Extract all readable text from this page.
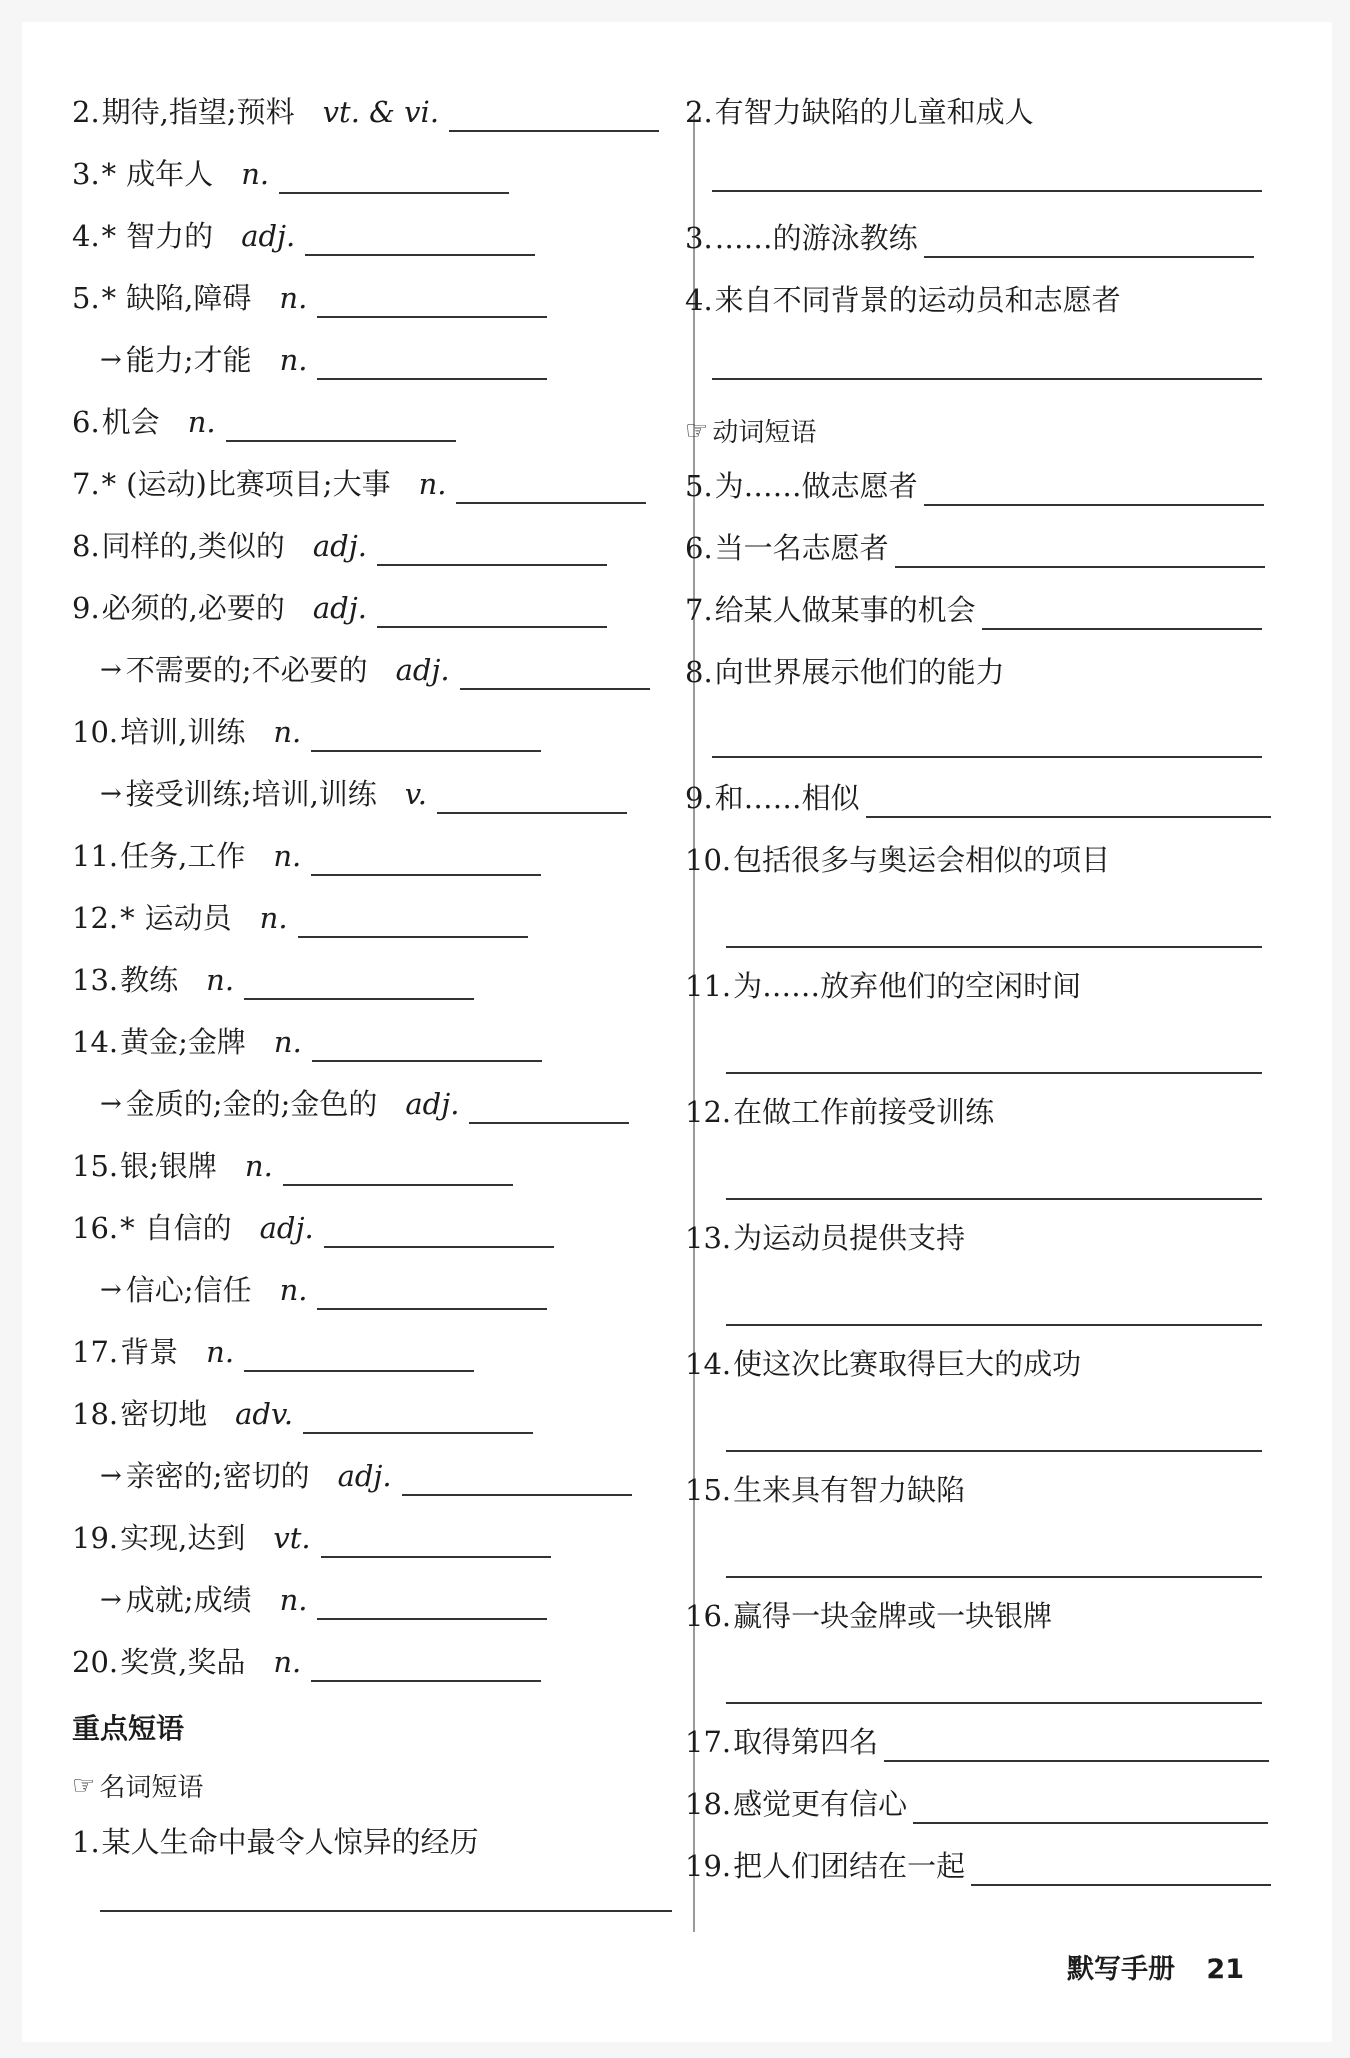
2. 期待,指望;预料 vt. & vi.
3. * 成年人 n.
4. * 智力的 adj.
5. * 缺陷,障碍 n.
→ 能力;才能 n.
6. 机会 n.
7. * (运动)比赛项目;大事 n.
8. 同样的,类似的 adj.
9. 必须的,必要的 adj.
→ 不需要的;不必要的 adj.
10. 培训,训练 n.
→ 接受训练;培训,训练 v.
11. 任务,工作 n.
12. * 运动员 n.
13. 教练 n.
14. 黄金;金牌 n.
→ 金质的;金的;金色的 adj.
15. 银;银牌 n.
16. * 自信的 adj.
→ 信心;信任 n.
17. 背景 n.
18. 密切地 adv.
→ 亲密的;密切的 adj.
19. 实现,达到 vt.
→ 成就;成绩 n.
20. 奖赏,奖品 n.
重点短语
☞ 名词短语
1. 某人生命中最令人惊异的经历
2. 有智力缺陷的儿童和成人
3. ……的游泳教练
4. 来自不同背景的运动员和志愿者
☞ 动词短语
5. 为……做志愿者
6. 当一名志愿者
7. 给某人做某事的机会
8. 向世界展示他们的能力
9. 和……相似
10. 包括很多与奥运会相似的项目
11. 为……放弃他们的空闲时间
12. 在做工作前接受训练
13. 为运动员提供支持
14. 使这次比赛取得巨大的成功
15. 生来具有智力缺陷
16. 赢得一块金牌或一块银牌
17. 取得第四名
18. 感觉更有信心
19. 把人们团结在一起
默写手册 21
